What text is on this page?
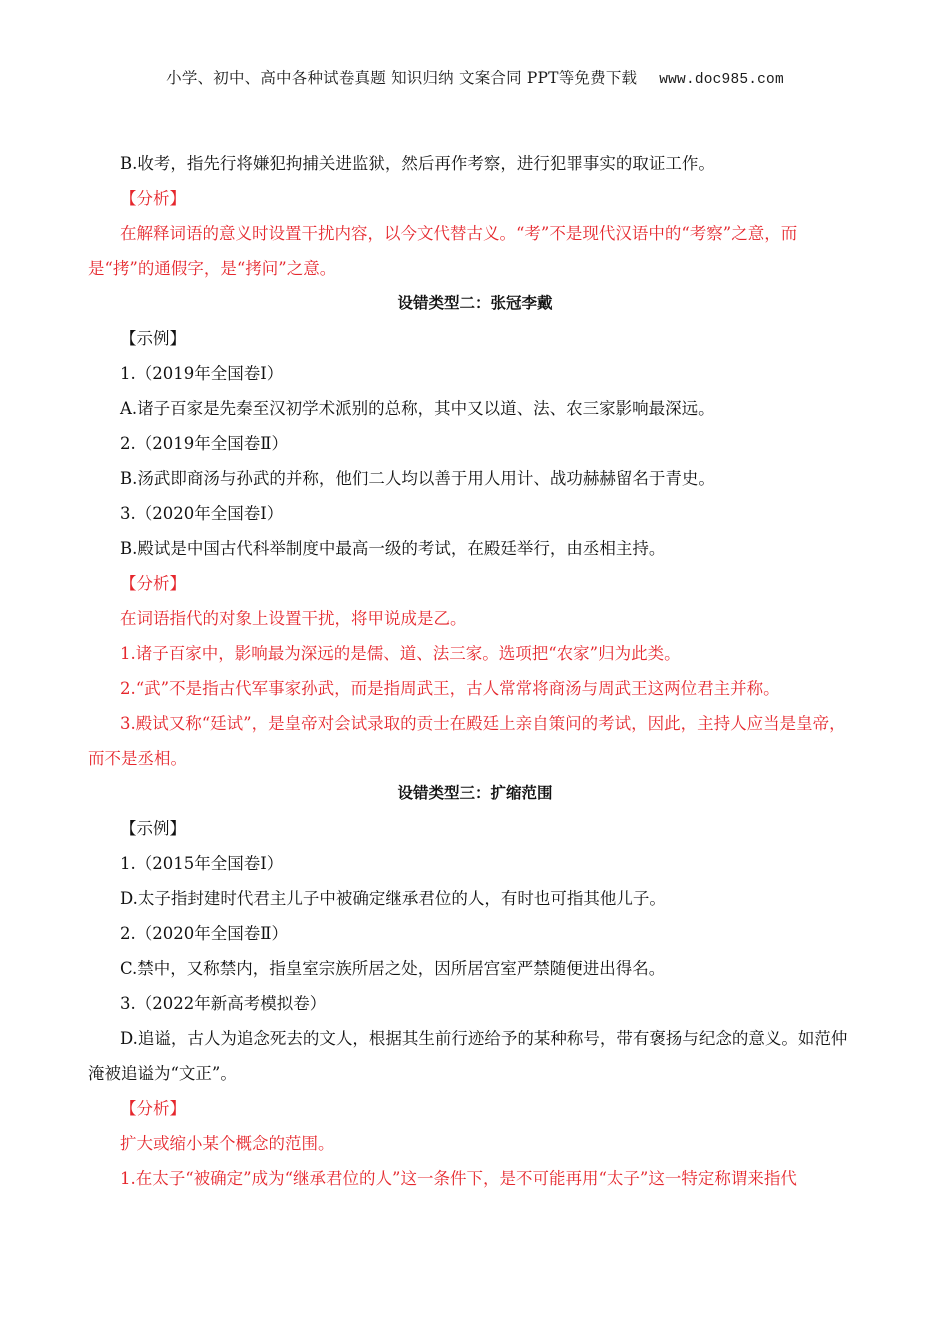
小学、初中、高中各种试卷真题 知识归纳 文案合同 PPT等免费下载 www.doc985.com

B.收考，指先行将嫌犯拘捕关进监狱，然后再作考察，进行犯罪事实的取证工作。

【分析】

在解释词语的意义时设置干扰内容，以今文代替古义。“考”不是现代汉语中的“考察”之意，而是“拷”的通假字，是“拷问”之意。

设错类型二：张冠李戴

【示例】

1.（2019年全国卷Ⅰ）

A.诸子百家是先秦至汉初学术派别的总称，其中又以道、法、农三家影响最深远。

2.（2019年全国卷Ⅱ）

B.汤武即商汤与孙武的并称，他们二人均以善于用人用计、战功赫赫留名于青史。

3.（2020年全国卷Ⅰ）

B.殿试是中国古代科举制度中最高一级的考试，在殿廷举行，由丞相主持。

【分析】

在词语指代的对象上设置干扰，将甲说成是乙。

1.诸子百家中，影响最为深远的是儒、道、法三家。选项把“农家”归为此类。

2.“武”不是指古代军事家孙武，而是指周武王，古人常常将商汤与周武王这两位君主并称。

3.殿试又称“廷试”，是皇帝对会试录取的贡士在殿廷上亲自策问的考试，因此，主持人应当是皇帝，而不是丞相。

设错类型三：扩缩范围

【示例】

1.（2015年全国卷Ⅰ）

D.太子指封建时代君主儿子中被确定继承君位的人，有时也可指其他儿子。

2.（2020年全国卷Ⅱ）

C.禁中，又称禁内，指皇室宗族所居之处，因所居宫室严禁随便进出得名。

3.（2022年新高考模拟卷）

D.追谥，古人为追念死去的文人，根据其生前行迹给予的某种称号，带有褒扬与纪念的意义。如范仲淹被追谥为“文正”。

【分析】

扩大或缩小某个概念的范围。

1.在太子“被确定”成为“继承君位的人”这一条件下，是不可能再用“太子”这一特定称谓来指代
